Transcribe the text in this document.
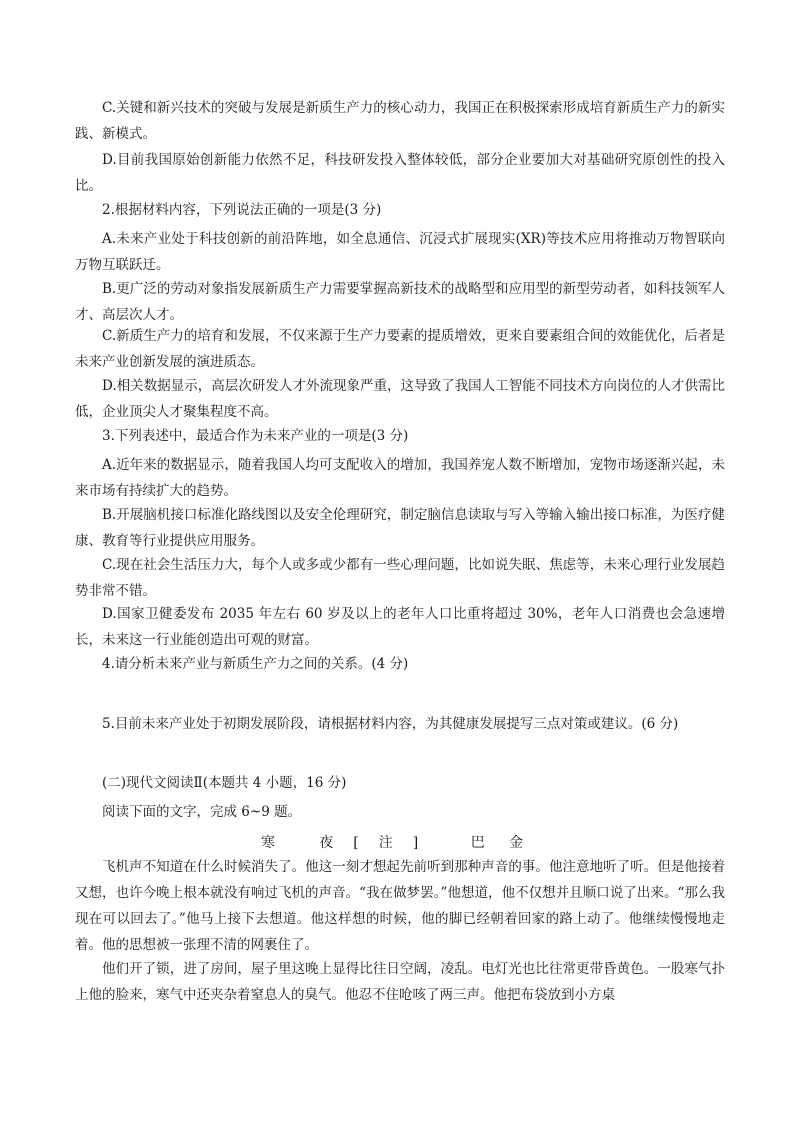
C.关键和新兴技术的突破与发展是新质生产力的核心动力，我国正在积极探索形成培育新质生产力的新实践、新模式。

D.目前我国原始创新能力依然不足，科技研发投入整体较低，部分企业要加大对基础研究原创性的投入比。

2.根据材料内容，下列说法正确的一项是(3 分)

A.未来产业处于科技创新的前沿阵地，如全息通信、沉浸式扩展现实(XR)等技术应用将推动万物智联向万物互联跃迁。

B.更广泛的劳动对象指发展新质生产力需要掌握高新技术的战略型和应用型的新型劳动者，如科技领军人才、高层次人才。

C.新质生产力的培育和发展，不仅来源于生产力要素的提质增效，更来自要素组合间的效能优化，后者是未来产业创新发展的演进质态。

D.相关数据显示，高层次研发人才外流现象严重，这导致了我国人工智能不同技术方向岗位的人才供需比低，企业顶尖人才聚集程度不高。

3.下列表述中，最适合作为未来产业的一项是(3 分)

A.近年来的数据显示，随着我国人均可支配收入的增加，我国养宠人数不断增加，宠物市场逐渐兴起，未来市场有持续扩大的趋势。

B.开展脑机接口标准化路线图以及安全伦理研究，制定脑信息读取与写入等输入输出接口标准，为医疗健康、教育等行业提供应用服务。

C.现在社会生活压力大，每个人或多或少都有一些心理问题，比如说失眠、焦虑等，未来心理行业发展趋势非常不错。

D.国家卫健委发布 2035 年左右 60 岁及以上的老年人口比重将超过 30%，老年人口消费也会急速增长，未来这一行业能创造出可观的财富。

4.请分析未来产业与新质生产力之间的关系。(4 分)

5.目前未来产业处于初期发展阶段，请根据材料内容，为其健康发展提写三点对策或建议。(6 分)

(二)现代文阅读Ⅱ(本题共 4 小题，16 分)

阅读下面的文字，完成 6~9 题。

寒 夜[注] 巴 金

飞机声不知道在什么时候消失了。他这一刻才想起先前听到那种声音的事。他注意地听了听。但是他接着又想，也许今晚上根本就没有响过飞机的声音。“我在做梦罢。”他想道，他不仅想并且顺口说了出来。“那么我现在可以回去了。”他马上接下去想道。他这样想的时候，他的脚已经朝着回家的路上动了。他继续慢慢地走着。他的思想被一张理不清的网裹住了。

他们开了锁，进了房间，屋子里这晚上显得比往日空阔，凌乱。电灯光也比往常更带昏黄色。一股寒气扑上他的脸来，寒气中还夹杂着窒息人的臭气。他忍不住呛咳了两三声。他把布袋放到小方桌
